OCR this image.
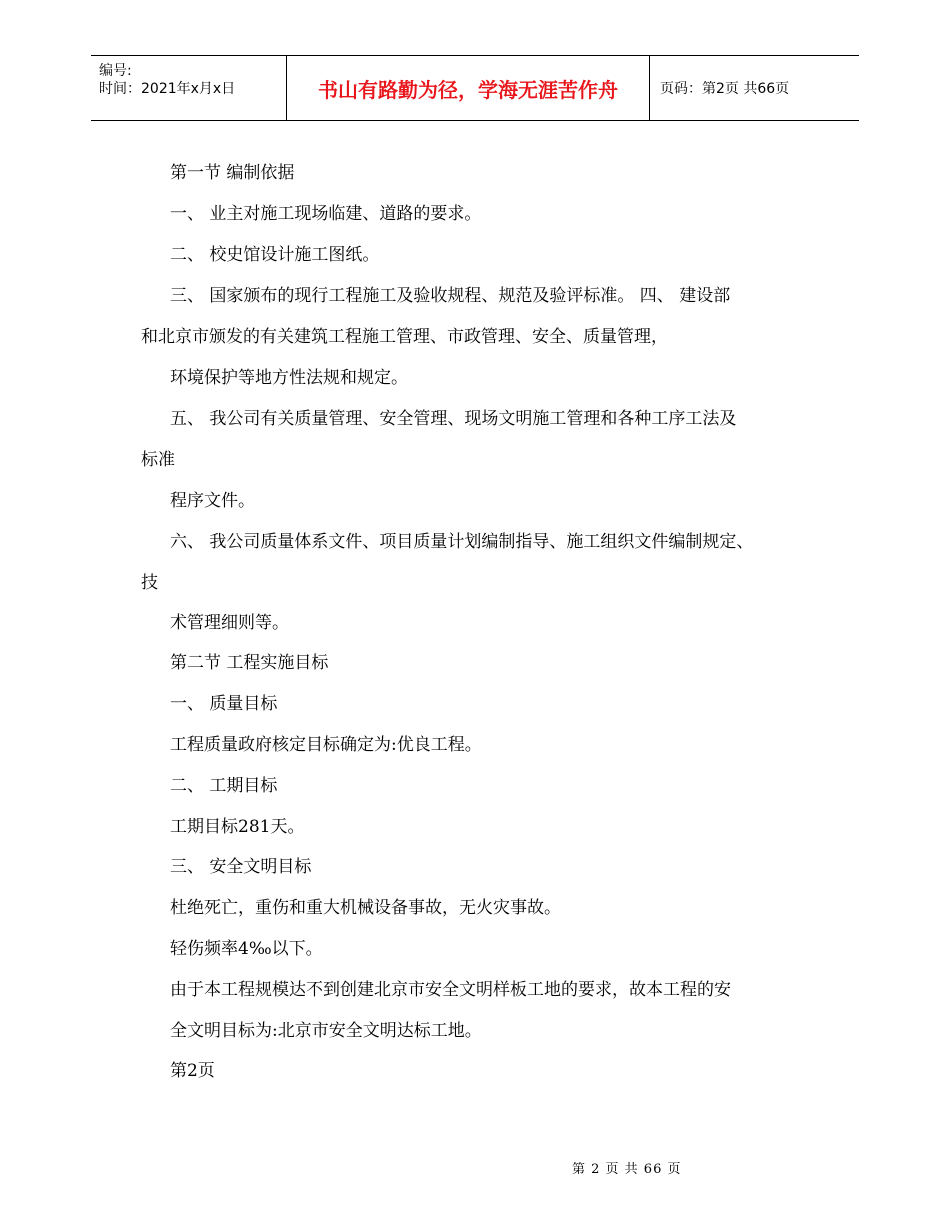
编号:
时间：2021年x月x日	书山有路勤为径，学海无涯苦作舟	页码：第2页 共66页
第一节 编制依据
一、 业主对施工现场临建、道路的要求。
二、 校史馆设计施工图纸。
三、 国家颁布的现行工程施工及验收规程、规范及验评标准。 四、 建设部
和北京市颁发的有关建筑工程施工管理、市政管理、安全、质量管理，
环境保护等地方性法规和规定。
五、 我公司有关质量管理、安全管理、现场文明施工管理和各种工序工法及
标准
程序文件。
六、 我公司质量体系文件、项目质量计划编制指导、施工组织文件编制规定、
技
术管理细则等。
第二节 工程实施目标
一、 质量目标
工程质量政府核定目标确定为:优良工程。
二、 工期目标
工期目标281天。
三、 安全文明目标
杜绝死亡，重伤和重大机械设备事故，无火灾事故。
轻伤频率4‰以下。
由于本工程规模达不到创建北京市安全文明样板工地的要求，故本工程的安
全文明目标为:北京市安全文明达标工地。
第2页
第 2 页 共 66 页
